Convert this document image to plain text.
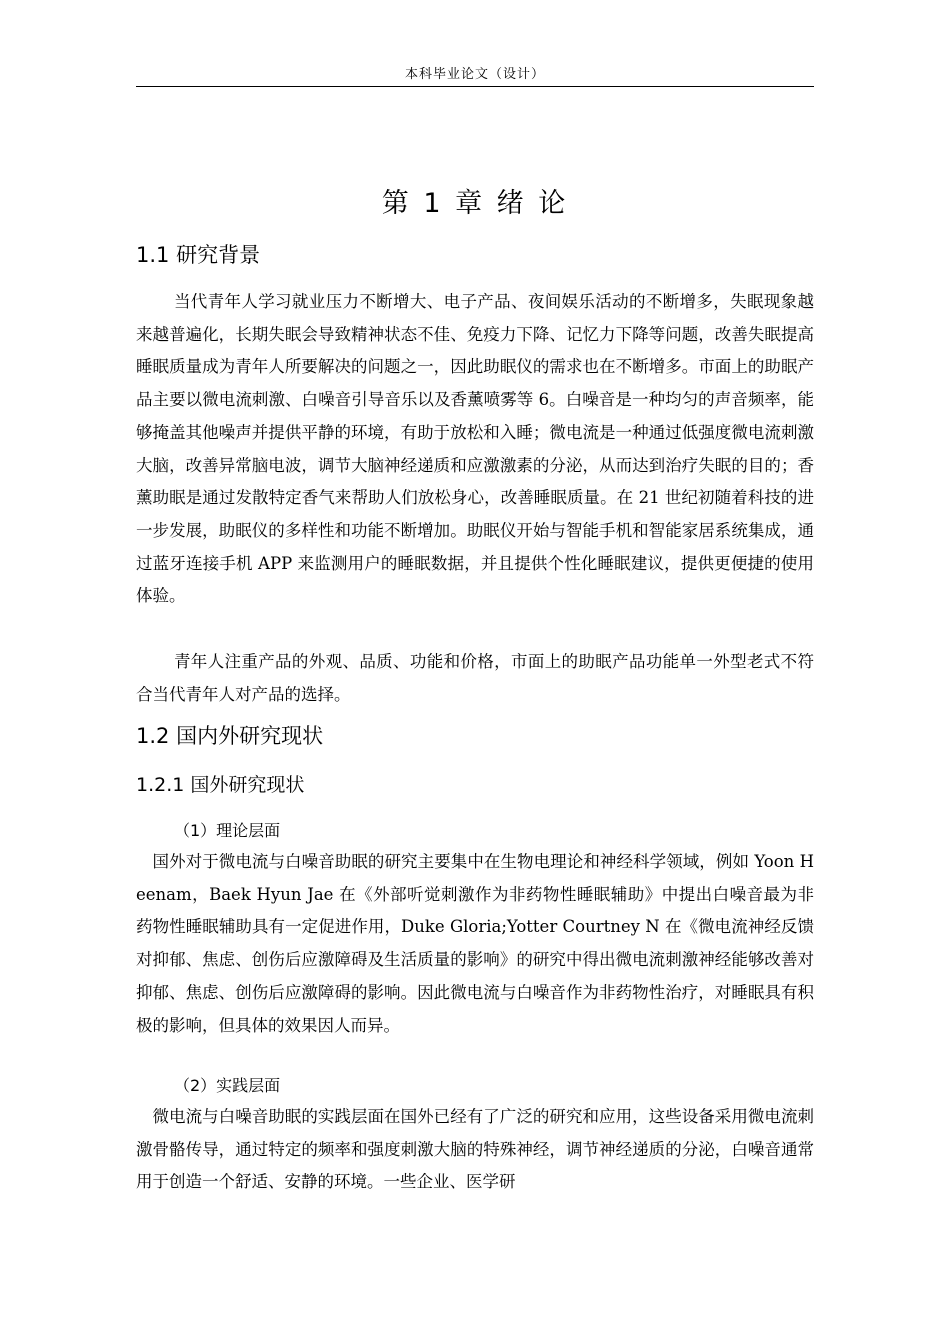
本科毕业论文（设计）
第 1 章 绪 论
1.1 研究背景
当代青年人学习就业压力不断增大、电子产品、夜间娱乐活动的不断增多，失眠现象越来越普遍化，长期失眠会导致精神状态不佳、免疫力下降、记忆力下降等问题，改善失眠提高睡眠质量成为青年人所要解决的问题之一，因此助眠仪的需求也在不断增多。市面上的助眠产品主要以微电流刺激、白噪音引导音乐以及香薰喷雾等 6。白噪音是一种均匀的声音频率，能够掩盖其他噪声并提供平静的环境，有助于放松和入睡；微电流是一种通过低强度微电流刺激大脑，改善异常脑电波，调节大脑神经递质和应激激素的分泌，从而达到治疗失眠的目的；香薰助眠是通过发散特定香气来帮助人们放松身心，改善睡眠质量。在 21 世纪初随着科技的进一步发展，助眠仪的多样性和功能不断增加。助眠仪开始与智能手机和智能家居系统集成，通过蓝牙连接手机 APP 来监测用户的睡眠数据，并且提供个性化睡眠建议，提供更便捷的使用体验。
青年人注重产品的外观、品质、功能和价格，市面上的助眠产品功能单一外型老式不符合当代青年人对产品的选择。
1.2 国内外研究现状
1.2.1 国外研究现状
（1）理论层面
国外对于微电流与白噪音助眠的研究主要集中在生物电理论和神经科学领域，例如 Yoon Heenam，Baek Hyun Jae 在《外部听觉刺激作为非药物性睡眠辅助》中提出白噪音最为非药物性睡眠辅助具有一定促进作用，Duke Gloria;Yotter Courtney N 在《微电流神经反馈对抑郁、焦虑、创伤后应激障碍及生活质量的影响》的研究中得出微电流刺激神经能够改善对抑郁、焦虑、创伤后应激障碍的影响。因此微电流与白噪音作为非药物性治疗，对睡眠具有积极的影响，但具体的效果因人而异。
（2）实践层面
微电流与白噪音助眠的实践层面在国外已经有了广泛的研究和应用，这些设备采用微电流刺激骨骼传导，通过特定的频率和强度刺激大脑的特殊神经，调节神经递质的分泌，白噪音通常用于创造一个舒适、安静的环境。一些企业、医学研
